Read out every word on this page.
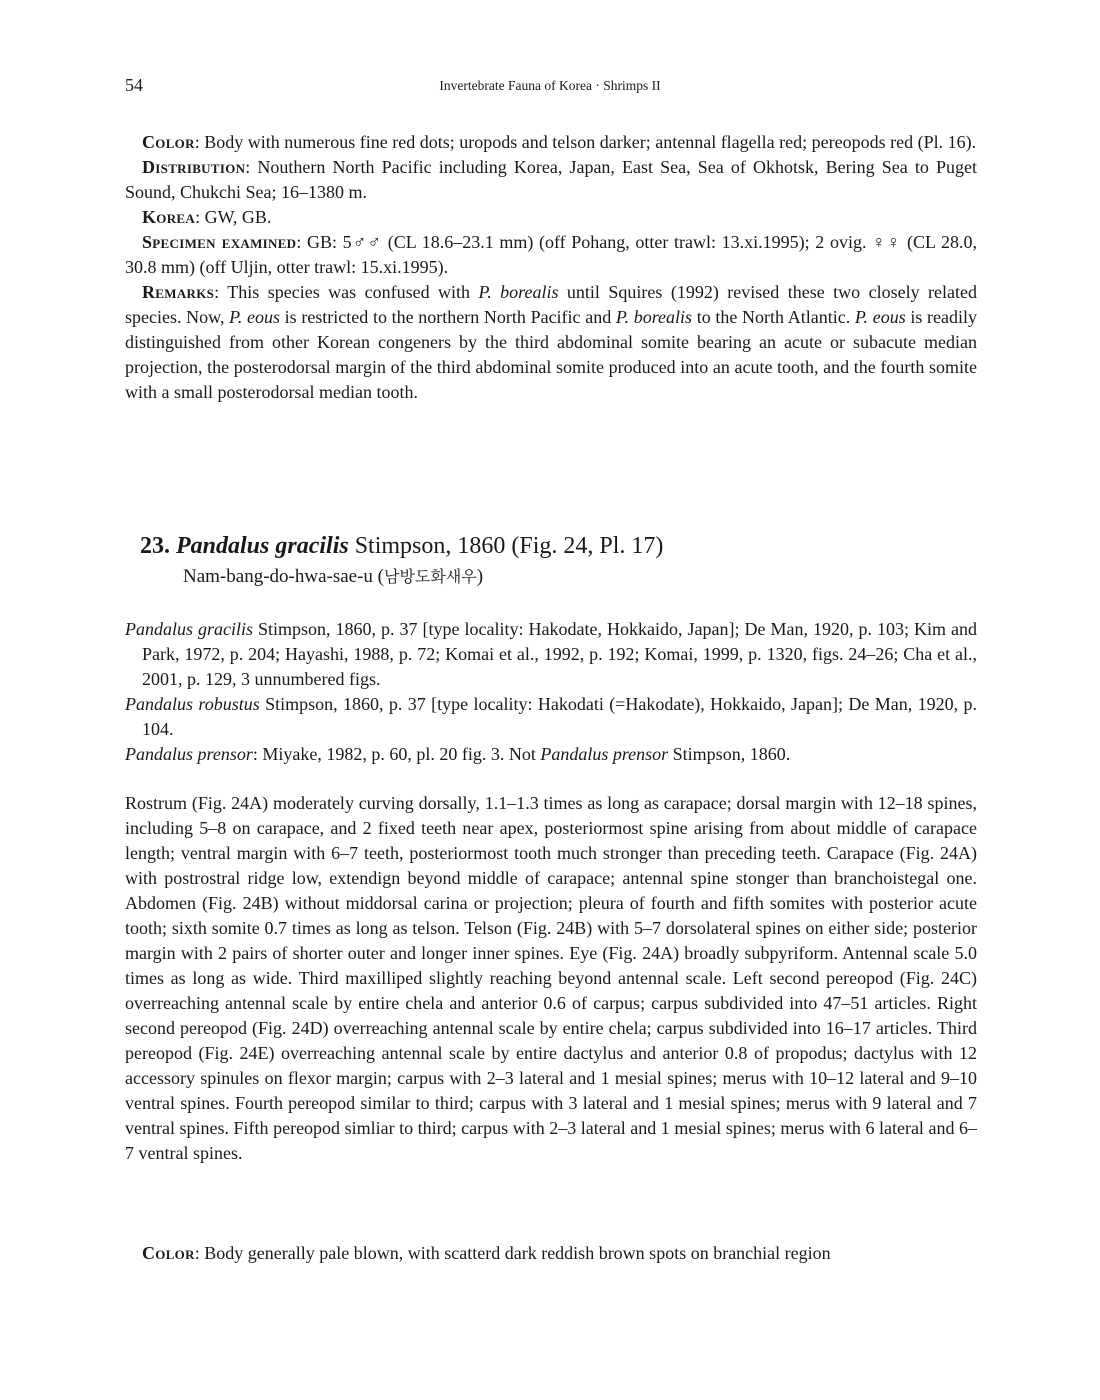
54	Invertebrate Fauna of Korea · Shrimps II

Color: Body with numerous fine red dots; uropods and telson darker; antennal flagella red; pereopods red (Pl. 16).

Distribution: Nouthern North Pacific including Korea, Japan, East Sea, Sea of Okhotsk, Bering Sea to Puget Sound, Chukchi Sea; 16–1380 m.

Korea: GW, GB.

Specimen examined: GB: 5♂♂ (CL 18.6–23.1 mm) (off Pohang, otter trawl: 13.xi.1995); 2 ovig. ♀♀ (CL 28.0, 30.8 mm) (off Uljin, otter trawl: 15.xi.1995).

Remarks: This species was confused with P. borealis until Squires (1992) revised these two closely related species. Now, P. eous is restricted to the northern North Pacific and P. borealis to the North Atlantic. P. eous is readily distinguished from other Korean congeners by the third abdominal somite bearing an acute or subacute median projection, the posterodorsal margin of the third abdominal somite produced into an acute tooth, and the fourth somite with a small posterodorsal median tooth.

23. Pandalus gracilis Stimpson, 1860 (Fig. 24, Pl. 17)
Nam-bang-do-hwa-sae-u (남방도화새우)

Pandalus gracilis Stimpson, 1860, p. 37 [type locality: Hakodate, Hokkaido, Japan]; De Man, 1920, p. 103; Kim and Park, 1972, p. 204; Hayashi, 1988, p. 72; Komai et al., 1992, p. 192; Komai, 1999, p. 1320, figs. 24–26; Cha et al., 2001, p. 129, 3 unnumbered figs.

Pandalus robustus Stimpson, 1860, p. 37 [type locality: Hakodati (=Hakodate), Hokkaido, Japan]; De Man, 1920, p. 104.

Pandalus prensor: Miyake, 1982, p. 60, pl. 20 fig. 3. Not Pandalus prensor Stimpson, 1860.

Rostrum (Fig. 24A) moderately curving dorsally, 1.1–1.3 times as long as carapace; dorsal margin with 12–18 spines, including 5–8 on carapace, and 2 fixed teeth near apex, posteriormost spine arising from about middle of carapace length; ventral margin with 6–7 teeth, posteriormost tooth much stronger than preceding teeth. Carapace (Fig. 24A) with postrostral ridge low, extendign beyond middle of carapace; antennal spine stonger than branchoistegal one. Abdomen (Fig. 24B) without middorsal carina or projection; pleura of fourth and fifth somites with posterior acute tooth; sixth somite 0.7 times as long as telson. Telson (Fig. 24B) with 5–7 dorsolateral spines on either side; posterior margin with 2 pairs of shorter outer and longer inner spines. Eye (Fig. 24A) broadly subpyriform. Antennal scale 5.0 times as long as wide. Third maxilliped slightly reaching beyond antennal scale. Left second pereopod (Fig. 24C) overreaching antennal scale by entire chela and anterior 0.6 of carpus; carpus subdivided into 47–51 articles. Right second pereopod (Fig. 24D) overreaching antennal scale by entire chela; carpus subdivided into 16–17 articles. Third pereopod (Fig. 24E) overreaching antennal scale by entire dactylus and anterior 0.8 of propodus; dactylus with 12 accessory spinules on flexor margin; carpus with 2–3 lateral and 1 mesial spines; merus with 10–12 lateral and 9–10 ventral spines. Fourth pereopod similar to third; carpus with 3 lateral and 1 mesial spines; merus with 9 lateral and 7 ventral spines. Fifth pereopod simliar to third; carpus with 2–3 lateral and 1 mesial spines; merus with 6 lateral and 6–7 ventral spines.

Color: Body generally pale blown, with scatterd dark reddish brown spots on branchial region
